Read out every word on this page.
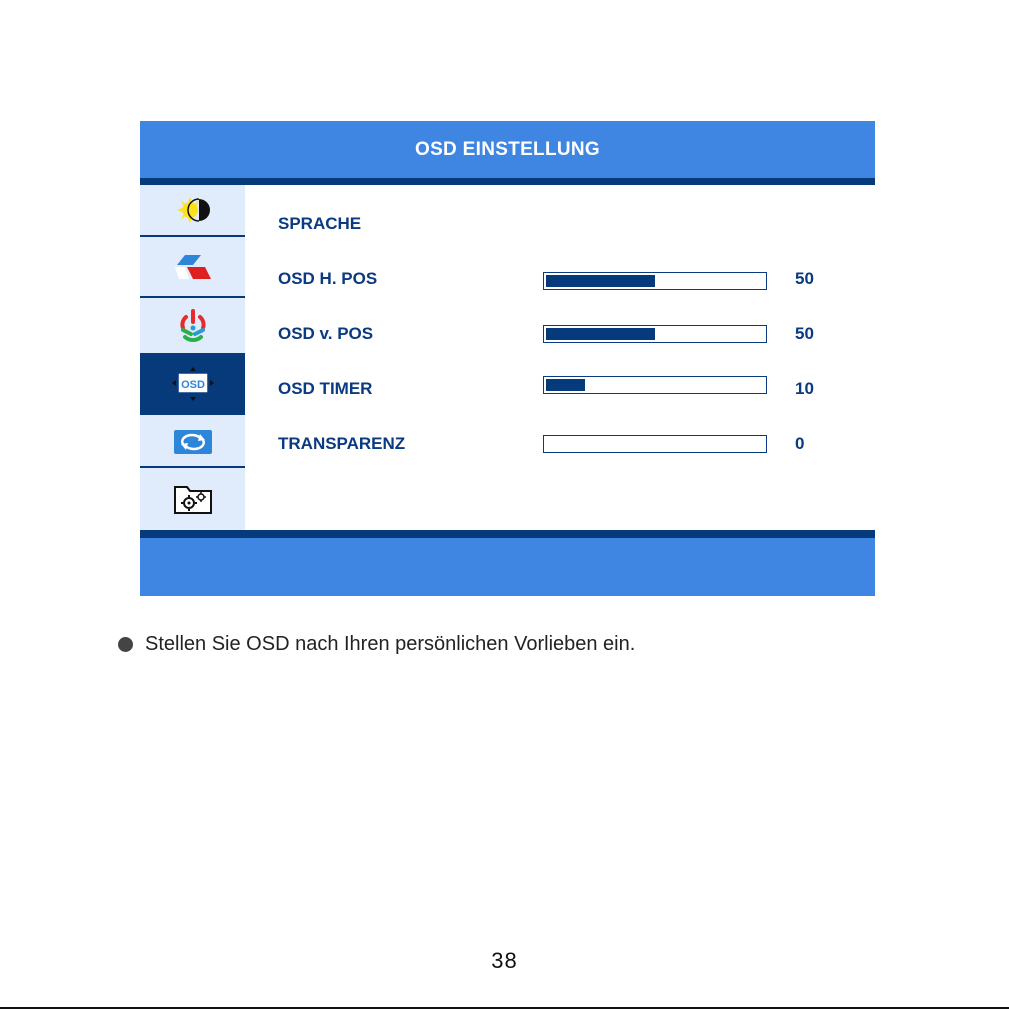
OSD EINSTELLUNG
OSD
SPRACHE
OSD H. POS	50
OSD v. POS	50
OSD TIMER	10
TRANSPARENZ	0
Stellen Sie OSD nach Ihren persönlichen Vorlieben ein.
38
